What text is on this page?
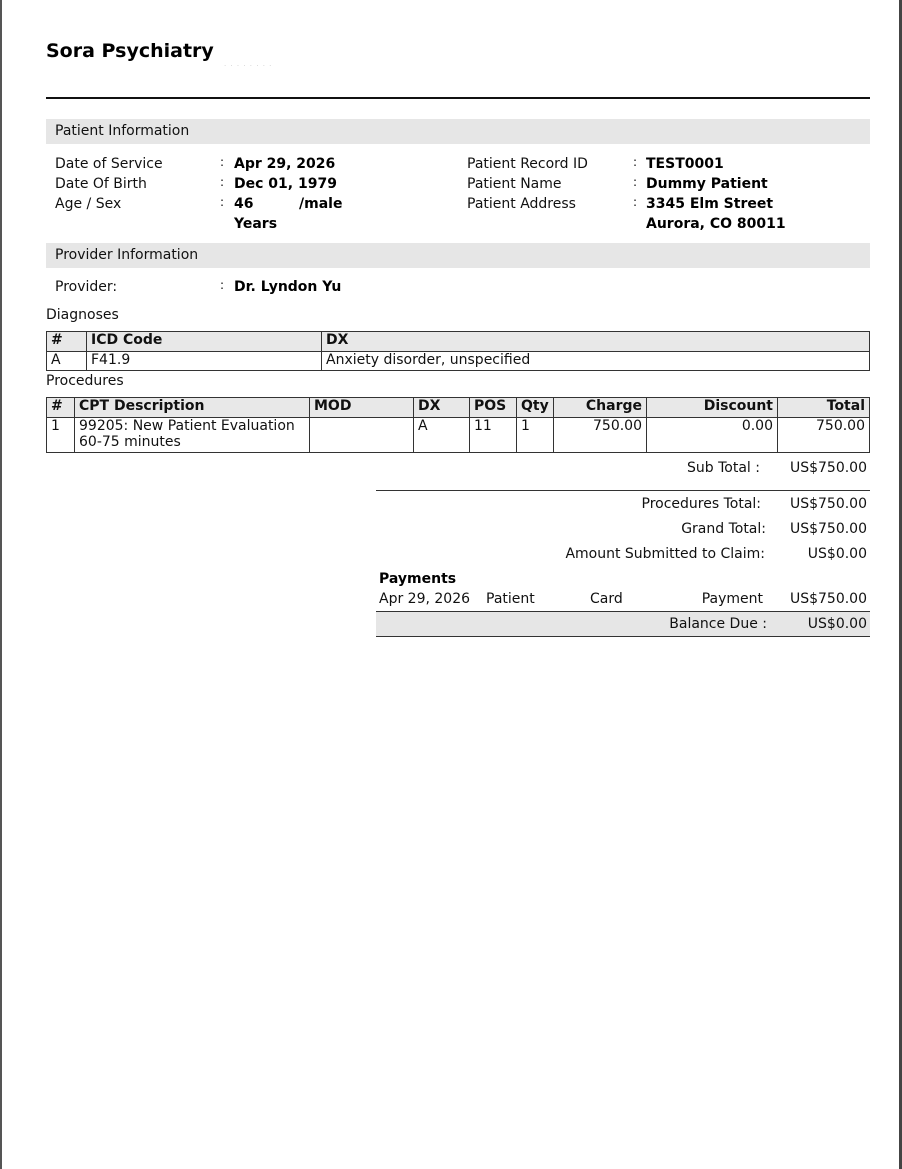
Sora Psychiatry
· · · · · · · ·
Patient Information
Date of Service	: Apr 29, 2026
Date Of Birth	: Dec 01, 1979
Age / Sex	: 46	/male
Years
Patient Record ID	: TEST0001
Patient Name	: Dummy Patient
Patient Address	: 3345 Elm Street
Aurora, CO 80011
Provider Information
Provider:	: Dr. Lyndon Yu
Diagnoses
#	ICD Code	DX
A	F41.9	Anxiety disorder, unspecified
Procedures
#	CPT Description	MOD	DX	POS	Qty	Charge	Discount	Total
1	99205: New Patient Evaluation
60-75 minutes		A	11	1	750.00	0.00	750.00
Sub Total : US$750.00
Procedures Total: US$750.00
Grand Total: US$750.00
Amount Submitted to Claim:	US$0.00
Payments
Apr 29, 2026 Patient	Card	Payment US$750.00
Balance Due :	US$0.00
